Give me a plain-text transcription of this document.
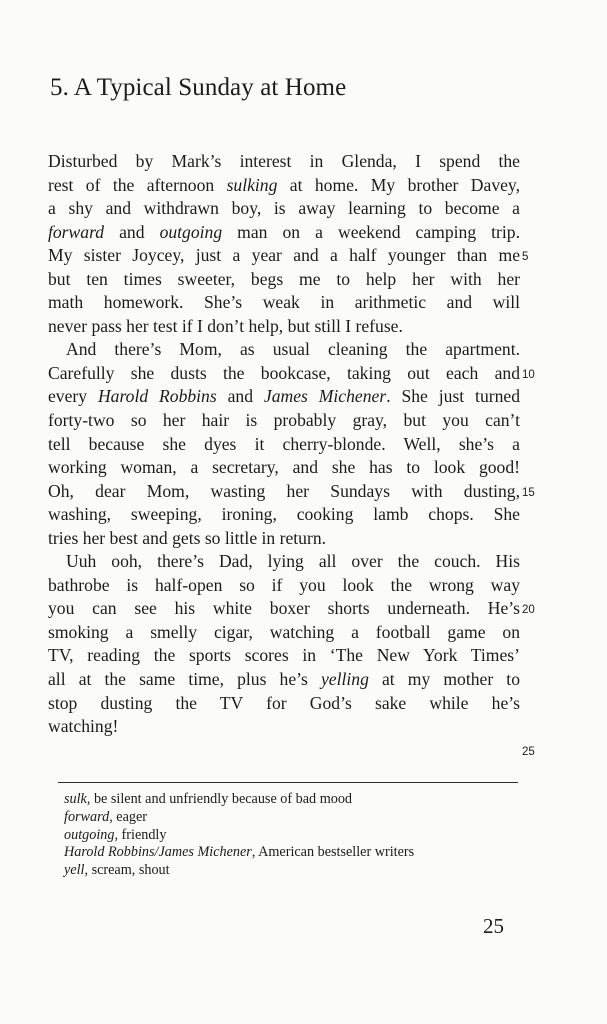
5. A Typical Sunday at Home
Disturbed by Mark’s interest in Glenda, I spend the
rest of the afternoon sulking at home. My brother Davey,
a shy and withdrawn boy, is away learning to become a
forward and outgoing man on a weekend camping trip.
My sister Joycey, just a year and a half younger than me
but ten times sweeter, begs me to help her with her
math homework. She’s weak in arithmetic and will
never pass her test if I don’t help, but still I refuse.
And there’s Mom, as usual cleaning the apartment.
Carefully she dusts the bookcase, taking out each and
every Harold Robbins and James Michener. She just turned
forty-two so her hair is probably gray, but you can’t
tell because she dyes it cherry-blonde. Well, she’s a
working woman, a secretary, and she has to look good!
Oh, dear Mom, wasting her Sundays with dusting,
washing, sweeping, ironing, cooking lamb chops. She
tries her best and gets so little in return.
Uuh ooh, there’s Dad, lying all over the couch. His
bathrobe is half-open so if you look the wrong way
you can see his white boxer shorts underneath. He’s
smoking a smelly cigar, watching a football game on
TV, reading the sports scores in ‘The New York Times’
all at the same time, plus he’s yelling at my mother to
stop dusting the TV for God’s sake while he’s
watching!
5
10
15
20
25
sulk, be silent and unfriendly because of bad mood
forward, eager
outgoing, friendly
Harold Robbins/James Michener, American bestseller writers
yell, scream, shout
25
